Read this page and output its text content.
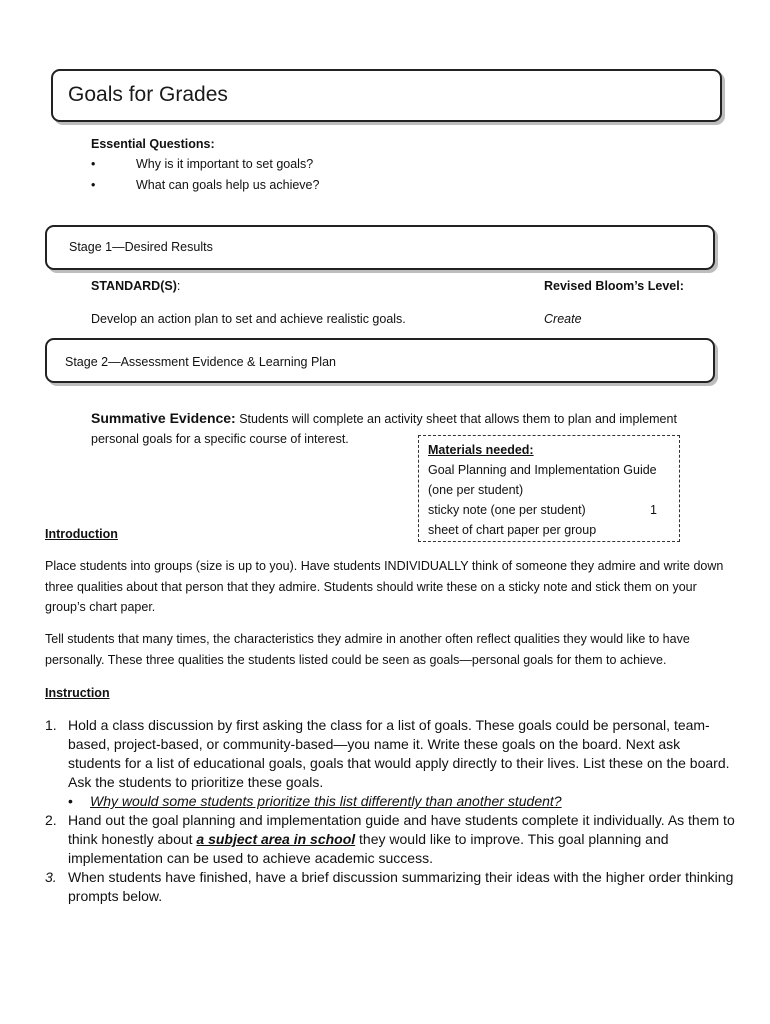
Goals for Grades
Essential Questions:
•	Why is it important to set goals?
•	What can goals help us achieve?
Stage 1—Desired Results
STANDARD(S):	Revised Bloom’s Level:
Develop an action plan to set and achieve realistic goals.	Create
Stage 2—Assessment Evidence & Learning Plan
Summative Evidence: Students will complete an activity sheet that allows them to plan and implement
personal goals for a specific course of interest.
Materials needed:
Goal Planning and Implementation Guide
(one per student)
sticky note (one per student)	1
sheet of chart paper per group
Introduction
Place students into groups (size is up to you). Have students INDIVIDUALLY think of someone they admire and write down three qualities about that person that they admire. Students should write these on a sticky note and stick them on your group’s chart paper.
Tell students that many times, the characteristics they admire in another often reflect qualities they would like to have personally. These three qualities the students listed could be seen as goals—personal goals for them to achieve.
Instruction
1. Hold a class discussion by first asking the class for a list of goals. These goals could be personal, team-based, project-based, or community-based—you name it. Write these goals on the board. Next ask students for a list of educational goals, goals that would apply directly to their lives. List these on the board. Ask the students to prioritize these goals.
• Why would some students prioritize this list differently than another student?
2. Hand out the goal planning and implementation guide and have students complete it individually. As them to think honestly about a subject area in school they would like to improve. This goal planning and implementation can be used to achieve academic success.
3. When students have finished, have a brief discussion summarizing their ideas with the higher order thinking prompts below.
